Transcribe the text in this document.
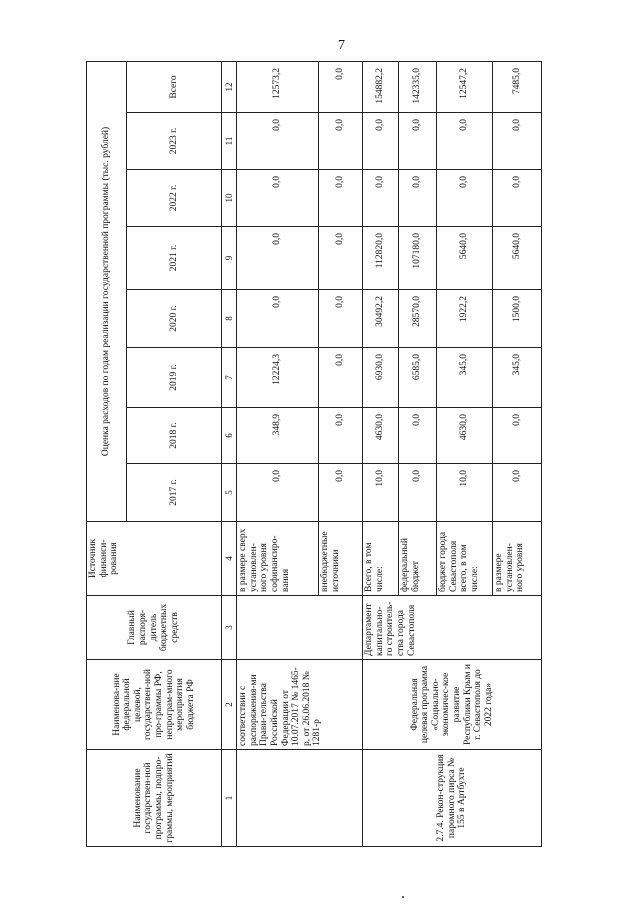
7
Наименование государствен-ной программы, подпро-граммы, мероприятий	Наименова-ние федеральной целевой, государствен-ной про-граммы РФ, непрограм-много мероприятия бюджета РФ	Главный распоря-дитель бюджетных средств	Источник финанси-рования	Оценка расходов по годам реализации государственной программы (тыс. рублей)							
				2017 г.	2018 г.	2019 г.	2020 г.	2021 г.	2022 г.	2023 г.	Всего
1	2	3	4	5	6	7	8	9	10	11	12
	соответствии с распоряжения-ми Прави-тельства Российской Федерации от 10.07.2017 № 1465-р, от 26.06.2018 № 1281-р		в размере сверх установлен-ного уровня софинансиро-вания	0,0	348,9	12224,3	0,0	0,0	0,0	0,0	12573,2
			внебюджетные источники	0,0	0,0	0,0	0,0	0,0	0,0	0,0	0,0
2.7.4. Рекон-струкция паромного пирса № 155 в Артбухте	Федеральная целевая программа «Социально-экономичес-кое развитие Республики Крым и г. Севастополя до 2022 года»	Департамент капитально-го строитель-ства города Севастополя	Всего, в том числе:	10,0	4630,0	6930,0	30492,2	112820,0	0,0	0,0	154882,2
			федеральный бюджет	0,0	0,0	6585,0	28570,0	107180,0	0,0	0,0	142335,0
			бюджет города Севастополя всего, в том числе:	10,0	4630,0	345,0	1922,2	5640,0	0,0	0,0	12547,2
			в размере установлен-ного уровня	0,0	0,0	345,0	1500,0	5640,0	0,0	0,0	7485,0
